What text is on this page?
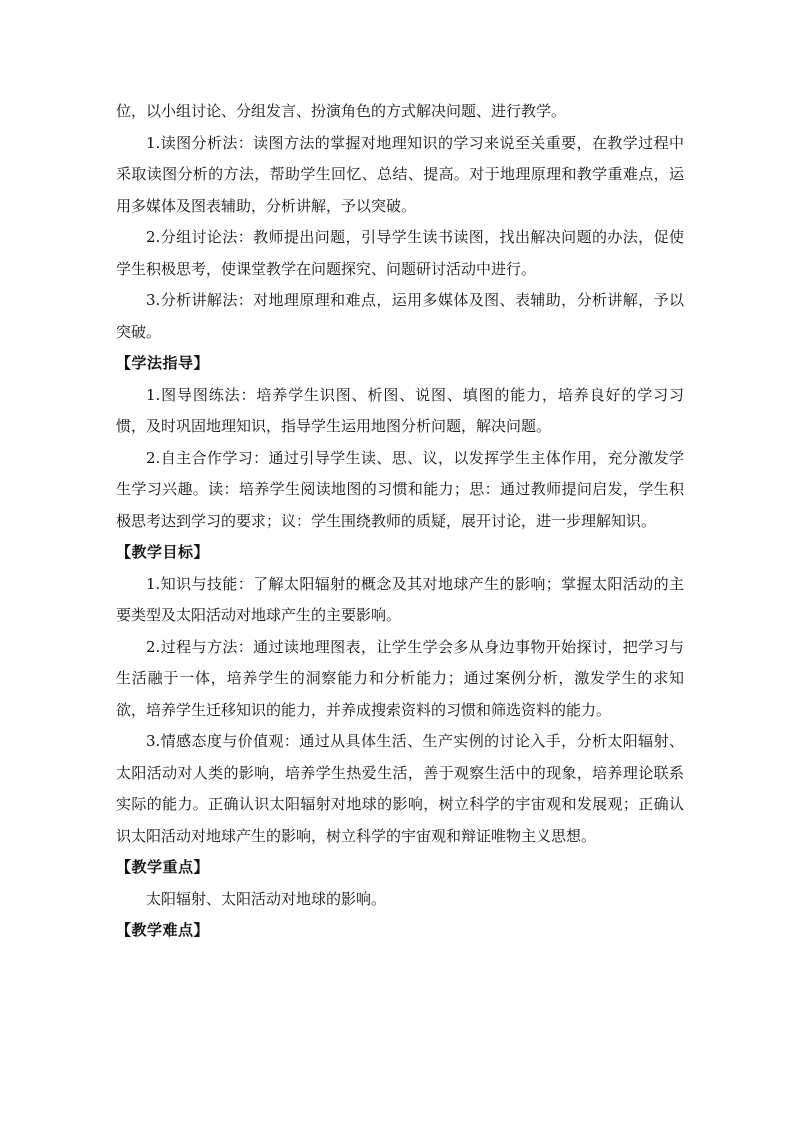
位，以小组讨论、分组发言、扮演角色的方式解决问题、进行教学。

1.读图分析法：读图方法的掌握对地理知识的学习来说至关重要，在教学过程中采取读图分析的方法，帮助学生回忆、总结、提高。对于地理原理和教学重难点，运用多媒体及图表辅助，分析讲解，予以突破。

2.分组讨论法：教师提出问题，引导学生读书读图，找出解决问题的办法，促使学生积极思考，使课堂教学在问题探究、问题研讨活动中进行。

3.分析讲解法：对地理原理和难点，运用多媒体及图、表辅助，分析讲解，予以突破。

【学法指导】

1.图导图练法：培养学生识图、析图、说图、填图的能力，培养良好的学习习惯，及时巩固地理知识，指导学生运用地图分析问题，解决问题。

2.自主合作学习：通过引导学生读、思、议，以发挥学生主体作用，充分激发学生学习兴趣。读：培养学生阅读地图的习惯和能力；思：通过教师提问启发，学生积极思考达到学习的要求；议：学生围绕教师的质疑，展开讨论，进一步理解知识。

【教学目标】

1.知识与技能：了解太阳辐射的概念及其对地球产生的影响；掌握太阳活动的主要类型及太阳活动对地球产生的主要影响。

2.过程与方法：通过读地理图表，让学生学会多从身边事物开始探讨，把学习与生活融于一体，培养学生的洞察能力和分析能力；通过案例分析，激发学生的求知欲，培养学生迁移知识的能力，并养成搜索资料的习惯和筛选资料的能力。

3.情感态度与价值观：通过从具体生活、生产实例的讨论入手，分析太阳辐射、太阳活动对人类的影响，培养学生热爱生活，善于观察生活中的现象，培养理论联系实际的能力。正确认识太阳辐射对地球的影响，树立科学的宇宙观和发展观；正确认识太阳活动对地球产生的影响，树立科学的宇宙观和辩证唯物主义思想。

【教学重点】

太阳辐射、太阳活动对地球的影响。

【教学难点】
